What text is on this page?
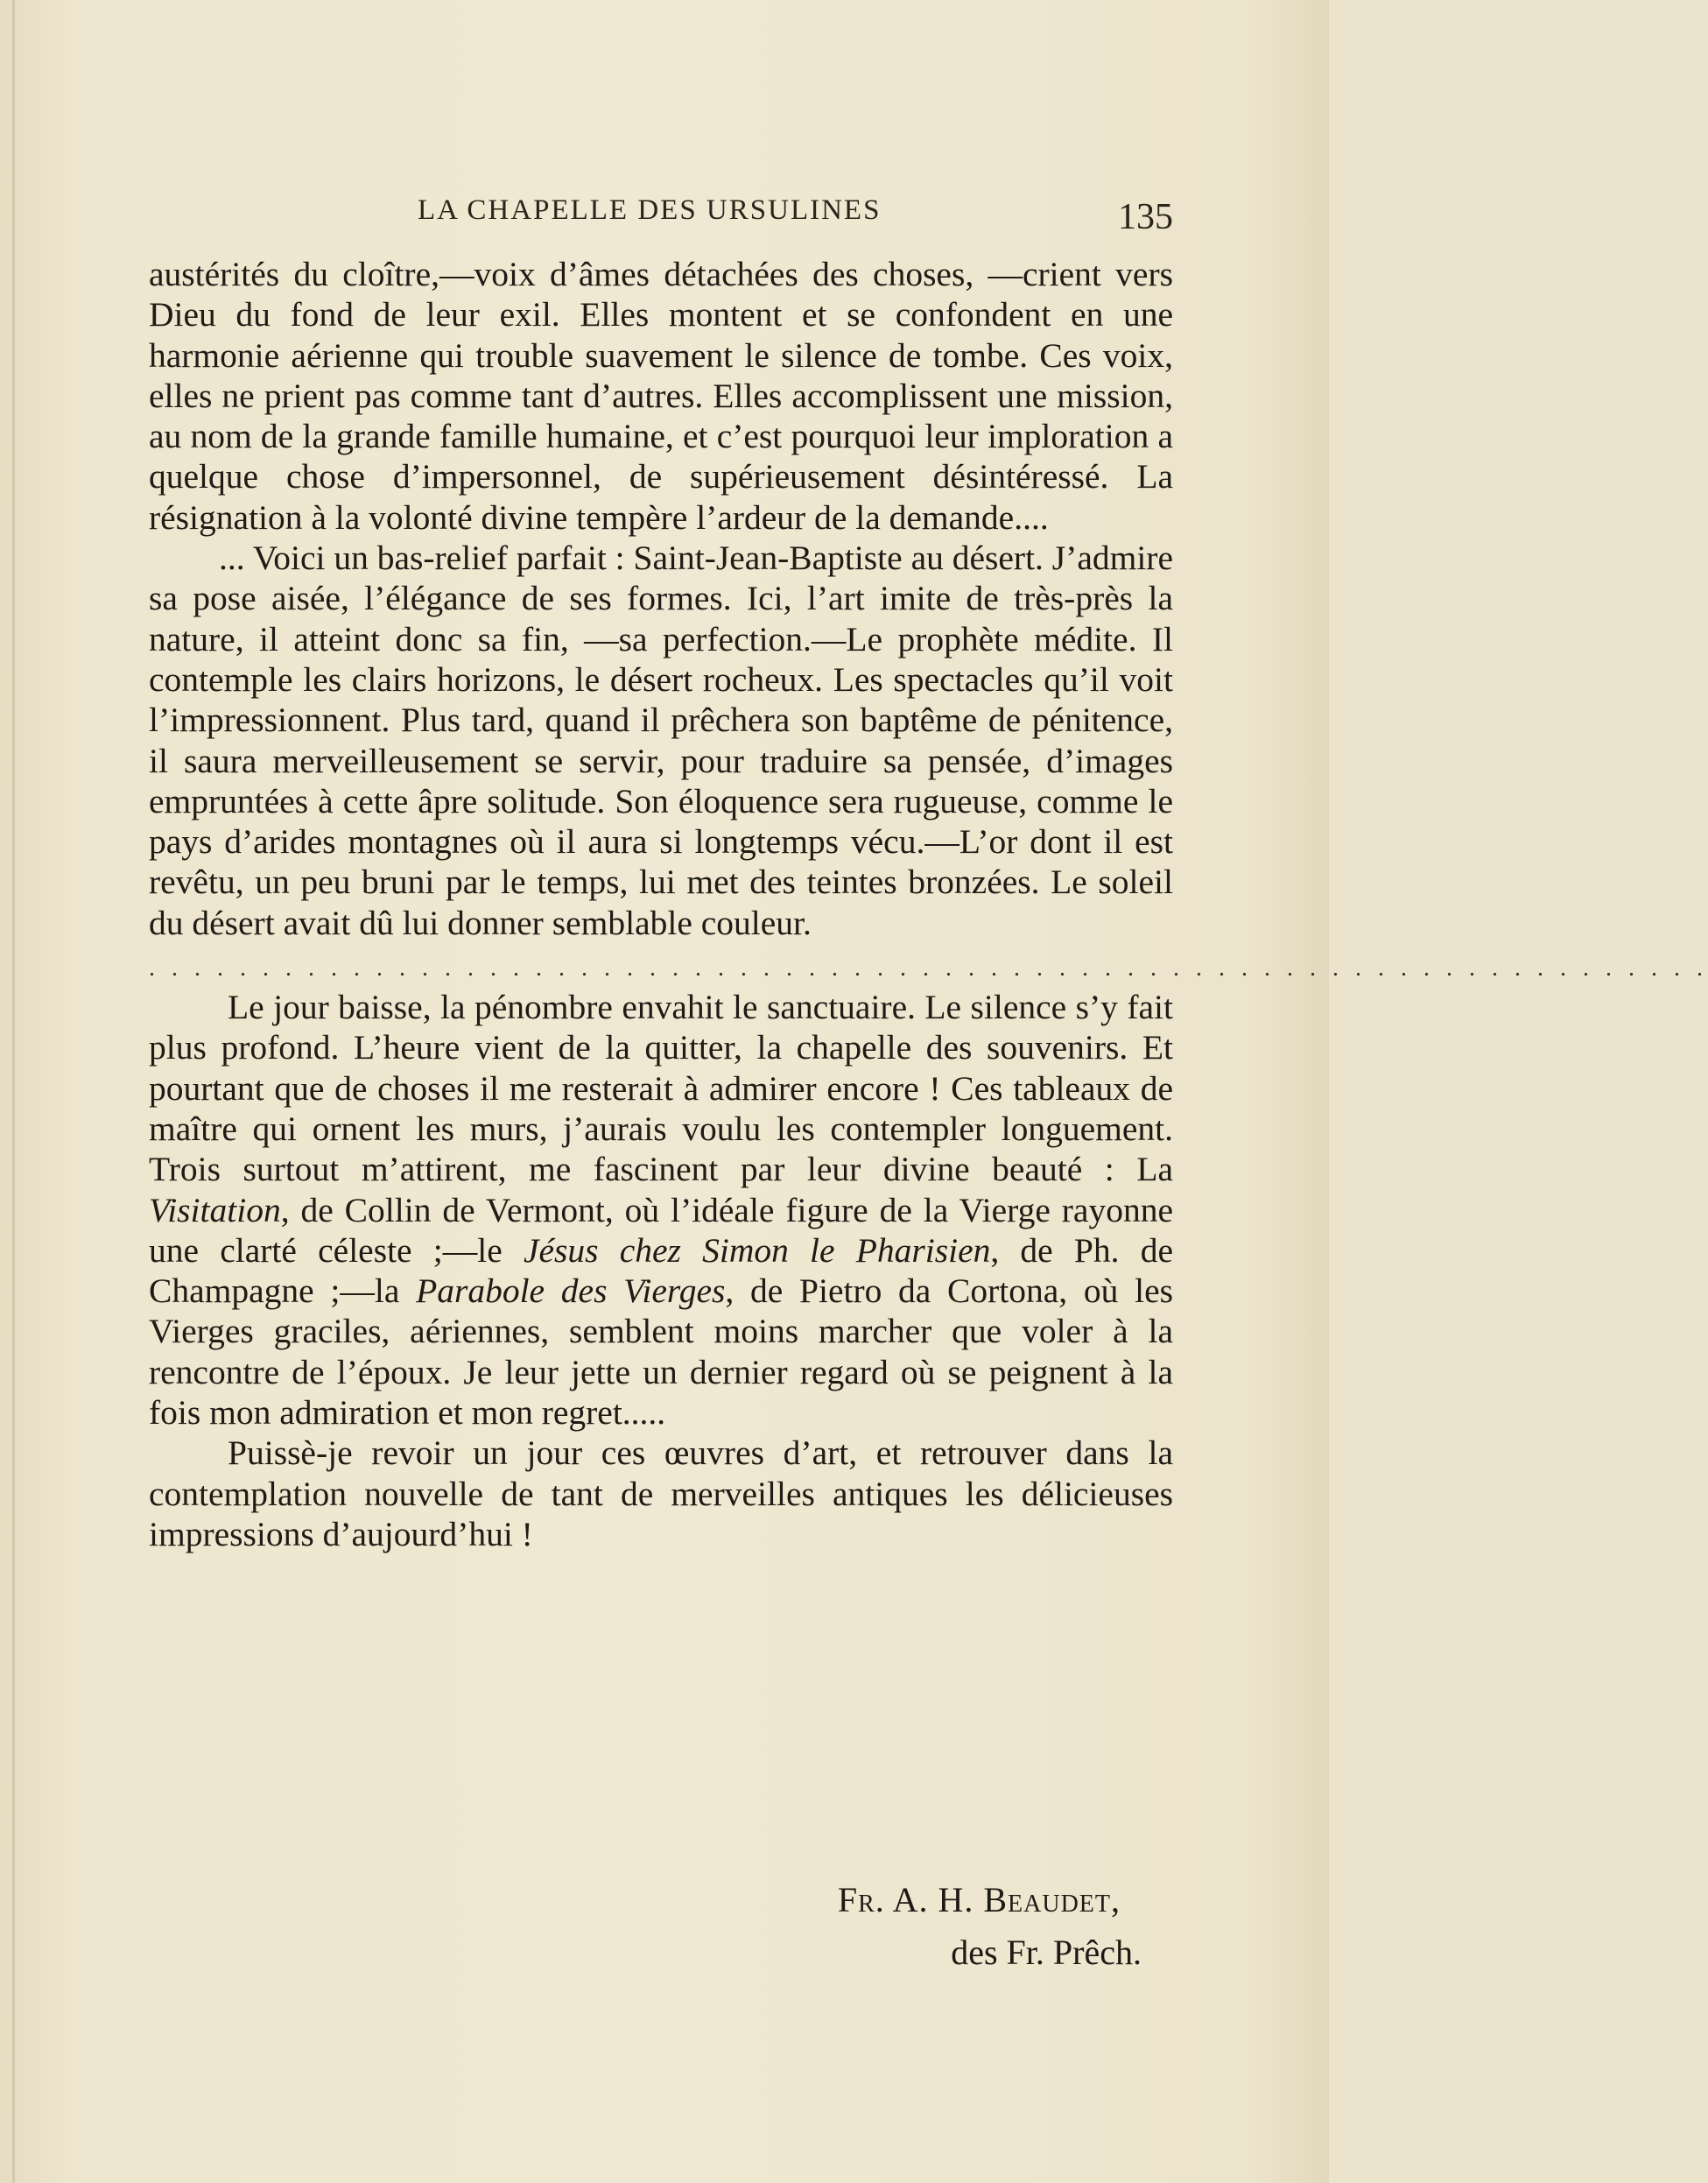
LA CHAPELLE DES URSULINES	135

austérités du cloître,—voix d’âmes détachées des choses, —crient vers Dieu du fond de leur exil. Elles montent et se confondent en une harmonie aérienne qui trouble suavement le silence de tombe. Ces voix, elles ne prient pas comme tant d’autres. Elles accomplissent une mission, au nom de la grande famille humaine, et c’est pourquoi leur imploration a quelque chose d’impersonnel, de supérieusement désintéressé. La résignation à la volonté divine tempère l’ardeur de la demande....

... Voici un bas-relief parfait : Saint-Jean-Baptiste au désert. J’admire sa pose aisée, l’élégance de ses formes. Ici, l’art imite de très-près la nature, il atteint donc sa fin, —sa perfection.—Le prophète médite. Il contemple les clairs horizons, le désert rocheux. Les spectacles qu’il voit l’impressionnent. Plus tard, quand il prêchera son baptême de pénitence, il saura merveilleusement se servir, pour traduire sa pensée, d’images empruntées à cette âpre solitude. Son éloquence sera rugueuse, comme le pays d’arides montagnes où il aura si longtemps vécu.—L’or dont il est revêtu, un peu bruni par le temps, lui met des teintes bronzées. Le soleil du désert avait dû lui donner semblable couleur.

. . . . . . . . . . . . . . . . . . . . . . . . . . . . . . . . . . . . . . . . . . . . . . . . . . . . . . . . . . . . . . . . . . . . .

Le jour baisse, la pénombre envahit le sanctuaire. Le silence s’y fait plus profond. L’heure vient de la quitter, la chapelle des souvenirs. Et pourtant que de choses il me resterait à admirer encore ! Ces tableaux de maître qui ornent les murs, j’aurais voulu les contempler longuement. Trois surtout m’attirent, me fascinent par leur divine beauté : La Visitation, de Collin de Vermont, où l’idéale figure de la Vierge rayonne une clarté céleste ;—le Jésus chez Simon le Pharisien, de Ph. de Champagne ;—la Parabole des Vierges, de Pietro da Cortona, où les Vierges graciles, aériennes, semblent moins marcher que voler à la rencontre de l’époux. Je leur jette un dernier regard où se peignent à la fois mon admiration et mon regret.....

Puissè-je revoir un jour ces œuvres d’art, et retrouver dans la contemplation nouvelle de tant de merveilles antiques les délicieuses impressions d’aujourd’hui !

Fr. A. H. Beaudet,
des Fr. Prêch.
